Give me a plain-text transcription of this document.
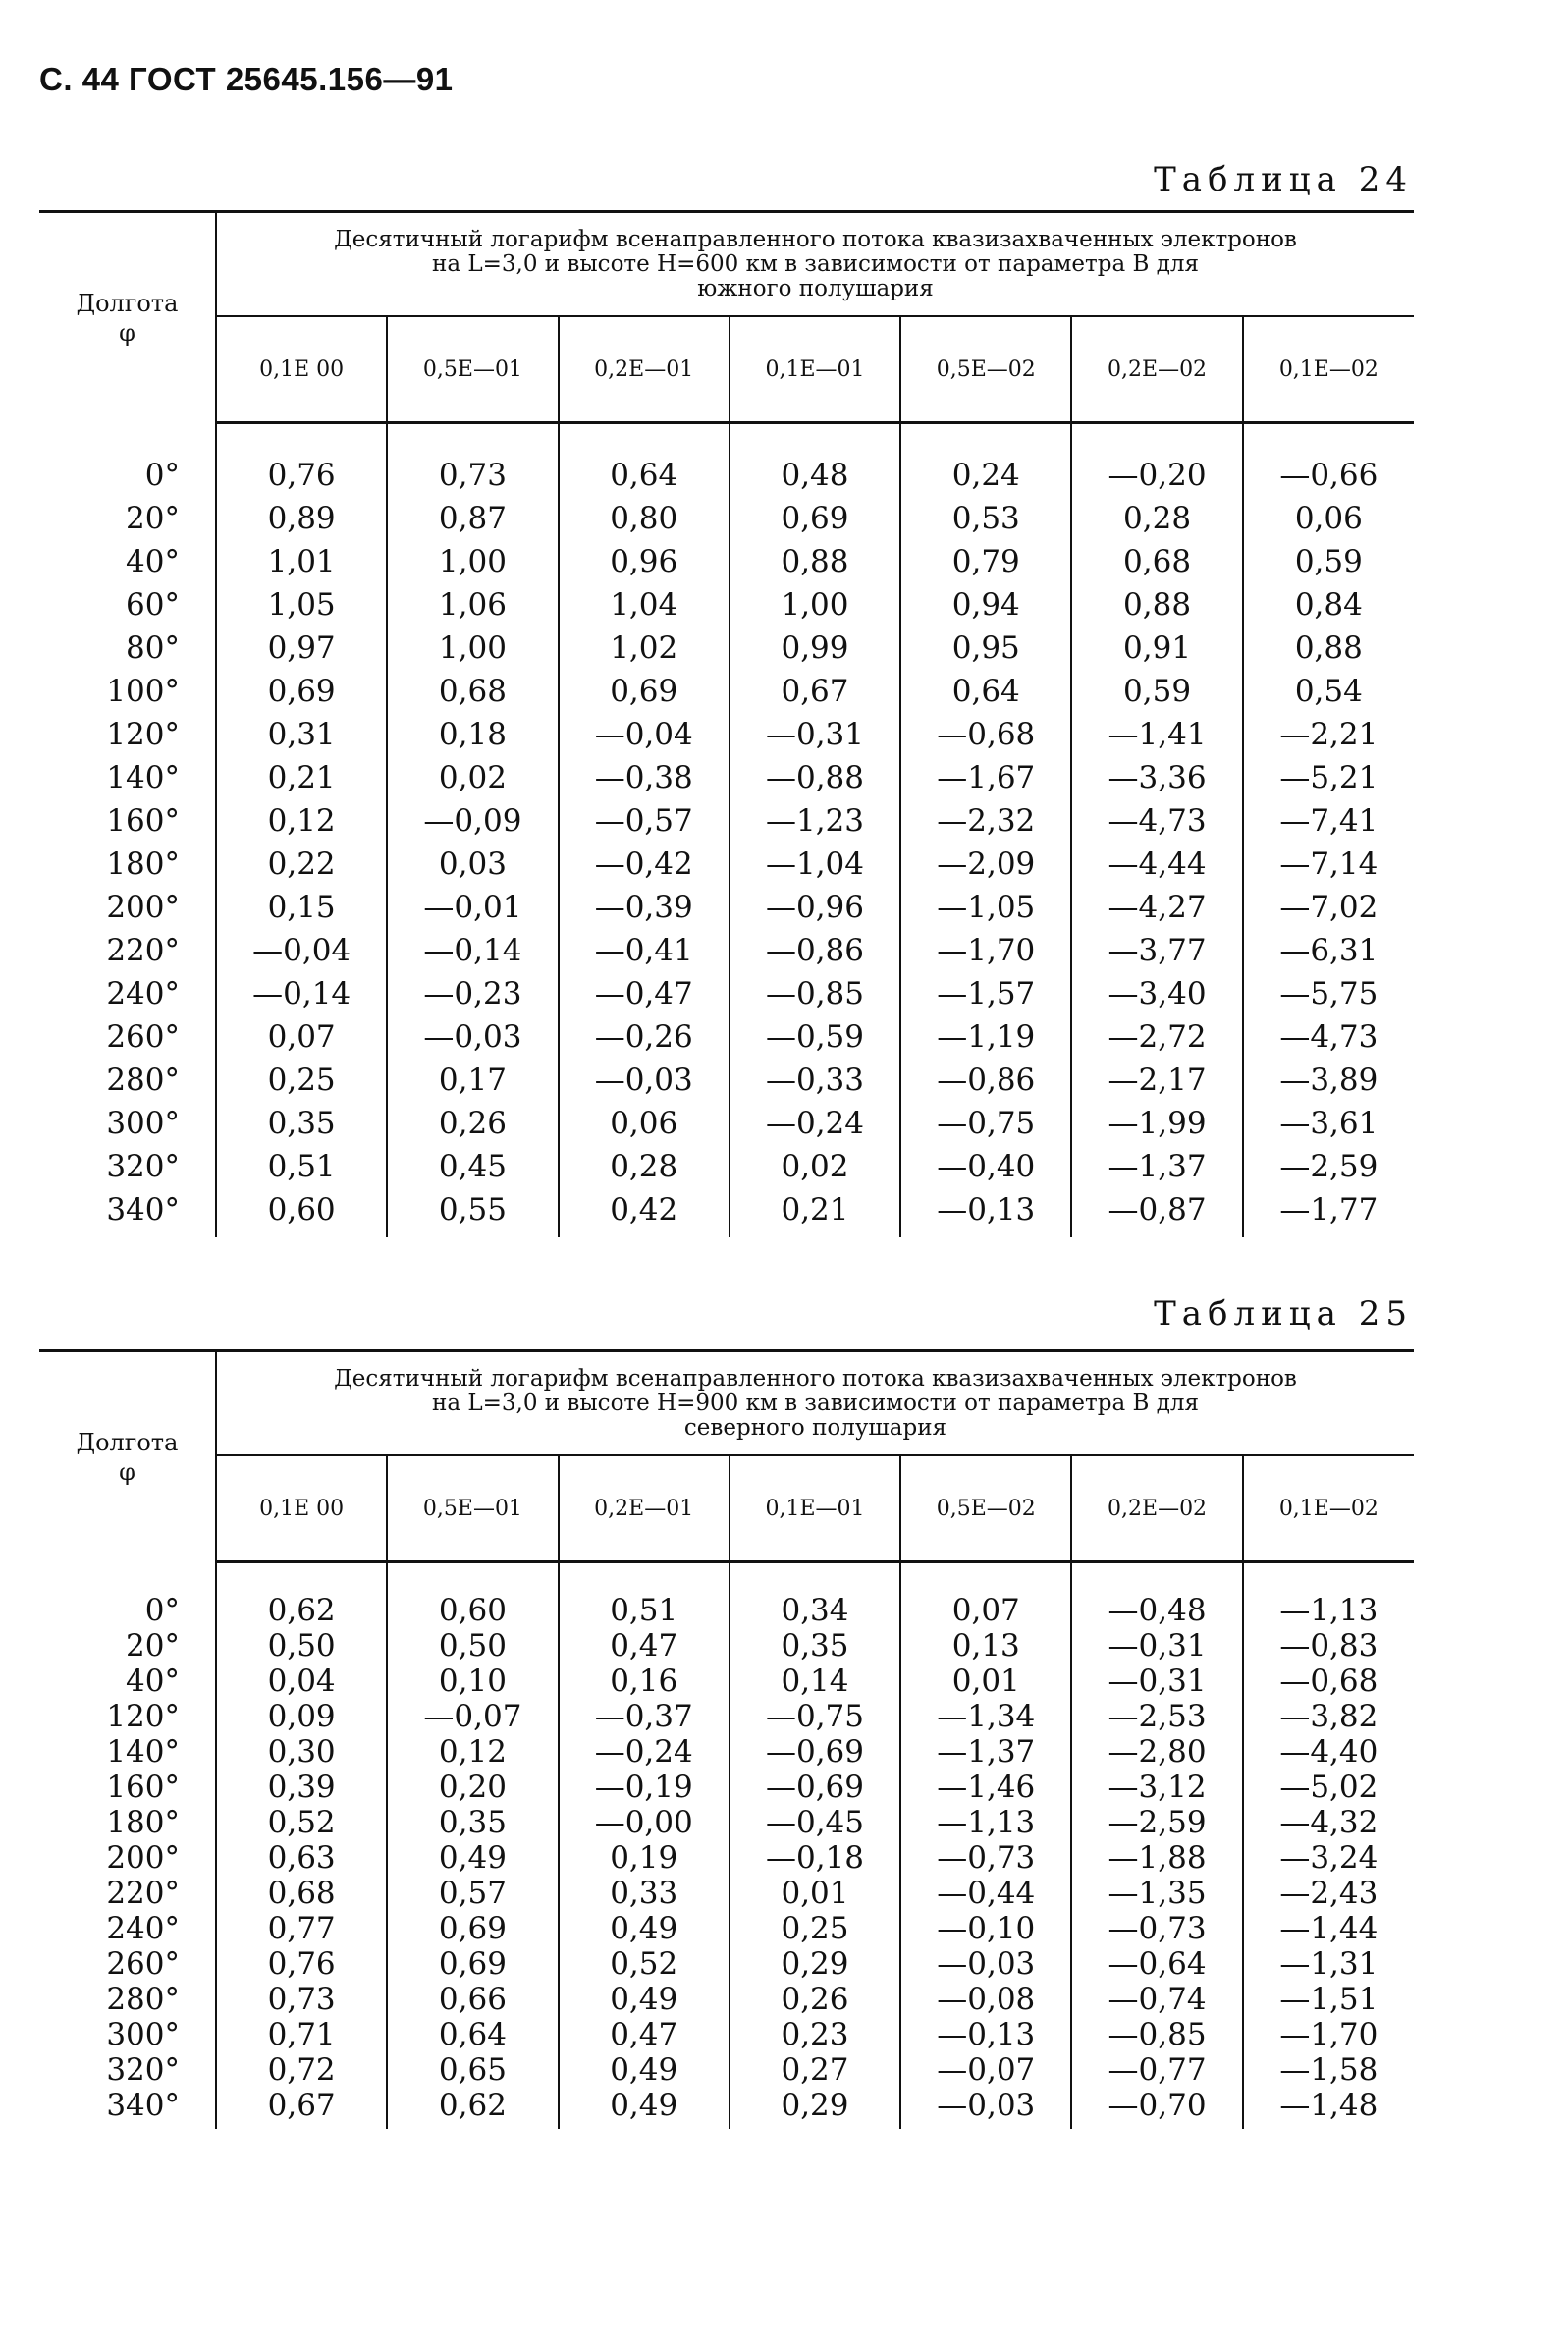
С. 44 ГОСТ 25645.156—91
Таблица 24
Долгота
φ	Десятичный логарифм всенаправленного потока квазизахваченных электронов
на L=3,0 и высоте H=600 км в зависимости от параметра B для
южного полушария						
	0,1E 00	0,5E—01	0,2E—01	0,1E—01	0,5E—02	0,2E—02	0,1E—02

0°	0,76	0,73	0,64	0,48	0,24	—0,20	—0,66
20°	0,89	0,87	0,80	0,69	0,53	0,28	0,06
40°	1,01	1,00	0,96	0,88	0,79	0,68	0,59
60°	1,05	1,06	1,04	1,00	0,94	0,88	0,84
80°	0,97	1,00	1,02	0,99	0,95	0,91	0,88
100°	0,69	0,68	0,69	0,67	0,64	0,59	0,54
120°	0,31	0,18	—0,04	—0,31	—0,68	—1,41	—2,21
140°	0,21	0,02	—0,38	—0,88	—1,67	—3,36	—5,21
160°	0,12	—0,09	—0,57	—1,23	—2,32	—4,73	—7,41
180°	0,22	0,03	—0,42	—1,04	—2,09	—4,44	—7,14
200°	0,15	—0,01	—0,39	—0,96	—1,05	—4,27	—7,02
220°	—0,04	—0,14	—0,41	—0,86	—1,70	—3,77	—6,31
240°	—0,14	—0,23	—0,47	—0,85	—1,57	—3,40	—5,75
260°	0,07	—0,03	—0,26	—0,59	—1,19	—2,72	—4,73
280°	0,25	0,17	—0,03	—0,33	—0,86	—2,17	—3,89
300°	0,35	0,26	0,06	—0,24	—0,75	—1,99	—3,61
320°	0,51	0,45	0,28	0,02	—0,40	—1,37	—2,59
340°	0,60	0,55	0,42	0,21	—0,13	—0,87	—1,77
Таблица 25
Долгота
φ	Десятичный логарифм всенаправленного потока квазизахваченных электронов
на L=3,0 и высоте H=900 км в зависимости от параметра B для
северного полушария						
	0,1E 00	0,5E—01	0,2E—01	0,1E—01	0,5E—02	0,2E—02	0,1E—02

0°	0,62	0,60	0,51	0,34	0,07	—0,48	—1,13
20°	0,50	0,50	0,47	0,35	0,13	—0,31	—0,83
40°	0,04	0,10	0,16	0,14	0,01	—0,31	—0,68
120°	0,09	—0,07	—0,37	—0,75	—1,34	—2,53	—3,82
140°	0,30	0,12	—0,24	—0,69	—1,37	—2,80	—4,40
160°	0,39	0,20	—0,19	—0,69	—1,46	—3,12	—5,02
180°	0,52	0,35	—0,00	—0,45	—1,13	—2,59	—4,32
200°	0,63	0,49	0,19	—0,18	—0,73	—1,88	—3,24
220°	0,68	0,57	0,33	0,01	—0,44	—1,35	—2,43
240°	0,77	0,69	0,49	0,25	—0,10	—0,73	—1,44
260°	0,76	0,69	0,52	0,29	—0,03	—0,64	—1,31
280°	0,73	0,66	0,49	0,26	—0,08	—0,74	—1,51
300°	0,71	0,64	0,47	0,23	—0,13	—0,85	—1,70
320°	0,72	0,65	0,49	0,27	—0,07	—0,77	—1,58
340°	0,67	0,62	0,49	0,29	—0,03	—0,70	—1,48
